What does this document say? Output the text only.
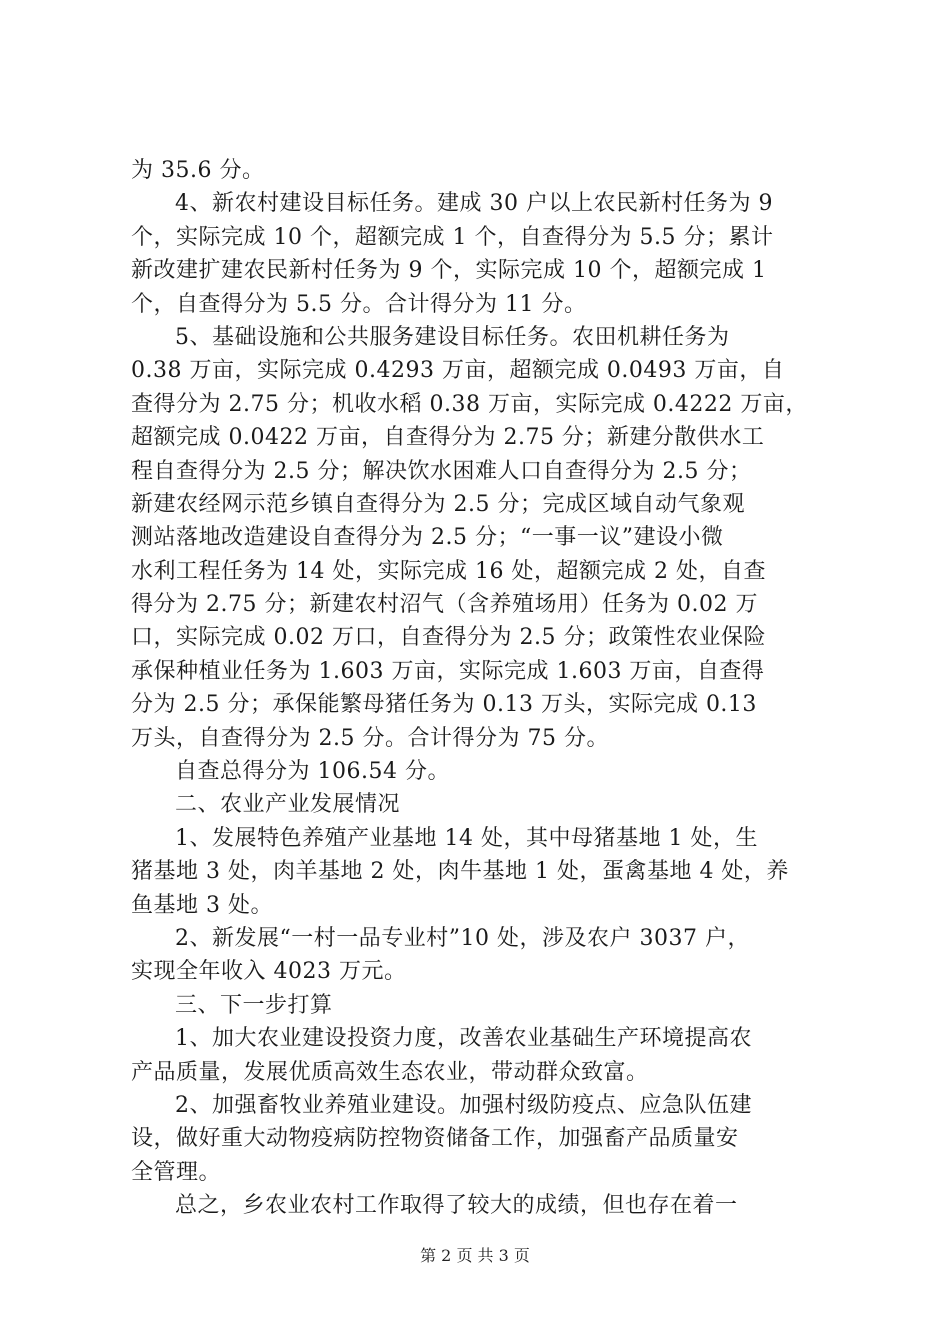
为 35.6 分。
4、新农村建设目标任务。建成 30 户以上农民新村任务为 9
个，实际完成 10 个，超额完成 1 个，自查得分为 5.5 分；累计
新改建扩建农民新村任务为 9 个，实际完成 10 个，超额完成 1
个，自查得分为 5.5 分。合计得分为 11 分。
5、基础设施和公共服务建设目标任务。农田机耕任务为
0.38 万亩，实际完成 0.4293 万亩，超额完成 0.0493 万亩，自
查得分为 2.75 分；机收水稻 0.38 万亩，实际完成 0.4222 万亩，
超额完成 0.0422 万亩，自查得分为 2.75 分；新建分散供水工
程自查得分为 2.5 分；解决饮水困难人口自查得分为 2.5 分；
新建农经网示范乡镇自查得分为 2.5 分；完成区域自动气象观
测站落地改造建设自查得分为 2.5 分；“一事一议”建设小微
水利工程任务为 14 处，实际完成 16 处，超额完成 2 处，自查
得分为 2.75 分；新建农村沼气（含养殖场用）任务为 0.02 万
口，实际完成 0.02 万口，自查得分为 2.5 分；政策性农业保险
承保种植业任务为 1.603 万亩，实际完成 1.603 万亩，自查得
分为 2.5 分；承保能繁母猪任务为 0.13 万头，实际完成 0.13
万头，自查得分为 2.5 分。合计得分为 75 分。
自查总得分为 106.54 分。
二、农业产业发展情况
1、发展特色养殖产业基地 14 处，其中母猪基地 1 处，生
猪基地 3 处，肉羊基地 2 处，肉牛基地 1 处，蛋禽基地 4 处，养
鱼基地 3 处。
2、新发展“一村一品专业村”10 处，涉及农户 3037 户，
实现全年收入 4023 万元。
三、下一步打算
1、加大农业建设投资力度，改善农业基础生产环境提高农
产品质量，发展优质高效生态农业，带动群众致富。
2、加强畜牧业养殖业建设。加强村级防疫点、应急队伍建
设，做好重大动物疫病防控物资储备工作，加强畜产品质量安
全管理。
总之，乡农业农村工作取得了较大的成绩，但也存在着一
第 2 页 共 3 页
